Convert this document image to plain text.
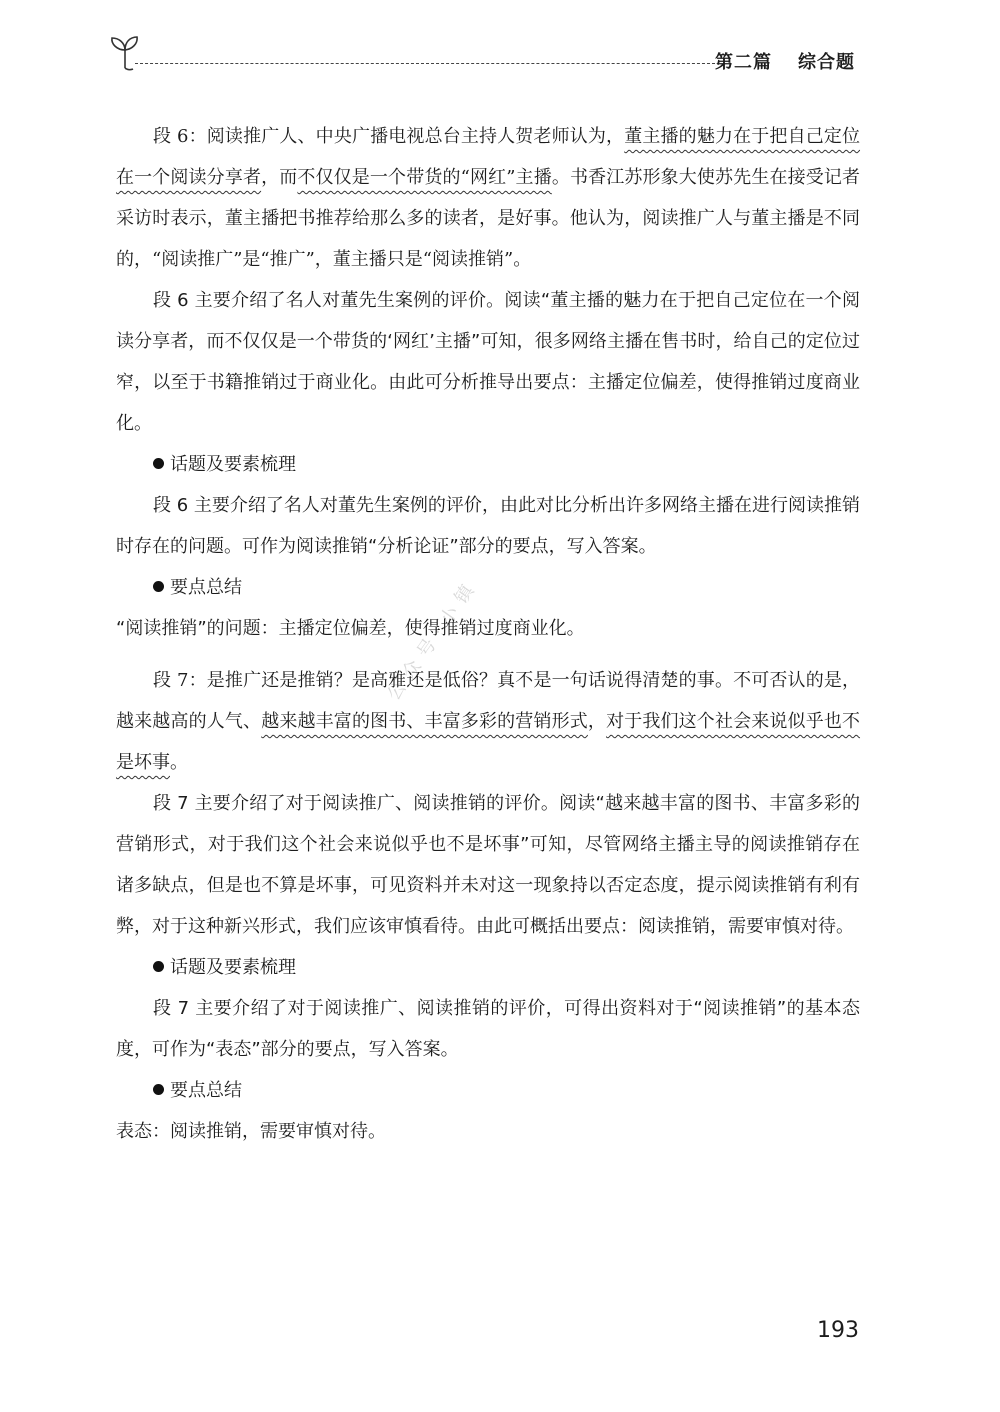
第二篇 综合题
公众号·小镇

段 6：阅读推广人、中央广播电视总台主持人贺老师认为，董主播的魅力在于把自己定位在一个阅读分享者，而不仅仅是一个带货的“网红”主播。书香江苏形象大使苏先生在接受记者采访时表示，董主播把书推荐给那么多的读者，是好事。他认为，阅读推广人与董主播是不同的，“阅读推广”是“推广”，董主播只是“阅读推销”。

段 6 主要介绍了名人对董先生案例的评价。阅读“董主播的魅力在于把自己定位在一个阅读分享者，而不仅仅是一个带货的‘网红’主播”可知，很多网络主播在售书时，给自己的定位过窄，以至于书籍推销过于商业化。由此可分析推导出要点：主播定位偏差，使得推销过度商业化。

话题及要素梳理

段 6 主要介绍了名人对董先生案例的评价，由此对比分析出许多网络主播在进行阅读推销时存在的问题。可作为阅读推销“分析论证”部分的要点，写入答案。

要点总结

“阅读推销”的问题：主播定位偏差，使得推销过度商业化。

段 7：是推广还是推销？是高雅还是低俗？真不是一句话说得清楚的事。不可否认的是，越来越高的人气、越来越丰富的图书、丰富多彩的营销形式，对于我们这个社会来说似乎也不是坏事。

段 7 主要介绍了对于阅读推广、阅读推销的评价。阅读“越来越丰富的图书、丰富多彩的营销形式，对于我们这个社会来说似乎也不是坏事”可知，尽管网络主播主导的阅读推销存在诸多缺点，但是也不算是坏事，可见资料并未对这一现象持以否定态度，提示阅读推销有利有弊，对于这种新兴形式，我们应该审慎看待。由此可概括出要点：阅读推销，需要审慎对待。

话题及要素梳理

段 7 主要介绍了对于阅读推广、阅读推销的评价，可得出资料对于“阅读推销”的基本态度，可作为“表态”部分的要点，写入答案。

要点总结

表态：阅读推销，需要审慎对待。

193
